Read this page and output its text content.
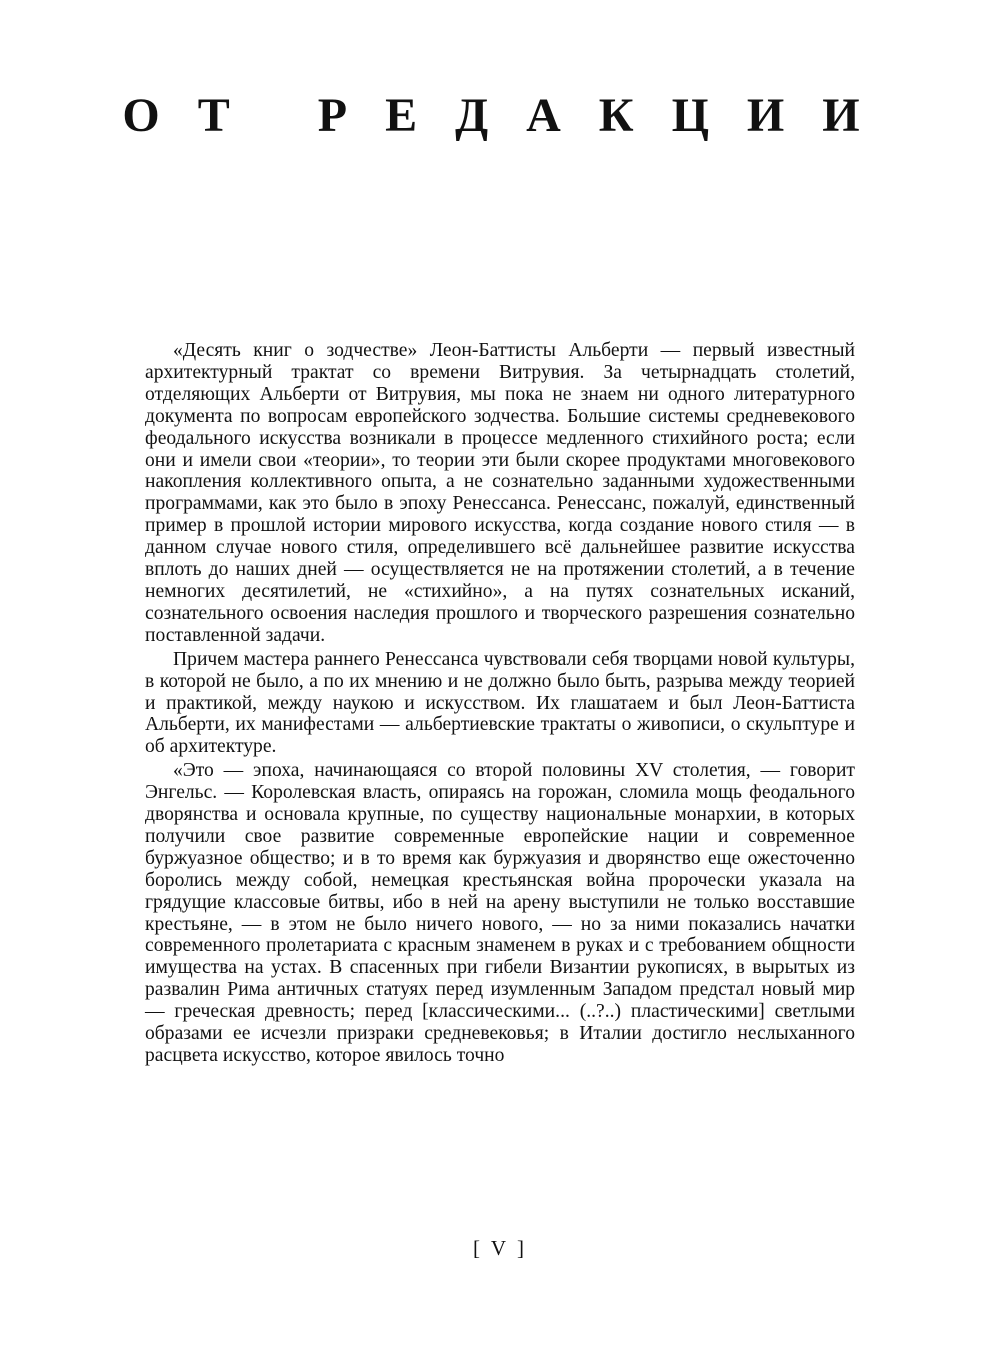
ОТ РЕДАКЦИИ

«Десять книг о зодчестве» Леон-Баттисты Альберти — первый известный архитектурный трактат со времени Витрувия. За четырнадцать столетий, отделяющих Альберти от Витрувия, мы пока не знаем ни одного литературного документа по вопросам европейского зодчества. Большие системы средневекового феодального искусства возникали в процессе медленного стихийного роста; если они и имели свои «теории», то теории эти были скорее продуктами многовекового накопления коллективного опыта, а не сознательно заданными художественными программами, как это было в эпоху Ренессанса. Ренессанс, пожалуй, единственный пример в прошлой истории мирового искусства, когда создание нового стиля — в данном случае нового стиля, определившего всё дальнейшее развитие искусства вплоть до наших дней — осуществляется не на протяжении столетий, а в течение немногих десятилетий, не «стихийно», а на путях сознательных исканий, сознательного освоения наследия прошлого и творческого разрешения сознательно поставленной задачи.

Причем мастера раннего Ренессанса чувствовали себя творцами новой культуры, в которой не было, а по их мнению и не должно было быть, разрыва между теорией и практикой, между наукою и искусством. Их глашатаем и был Леон-Баттиста Альберти, их манифестами — альбертиевские трактаты о живописи, о скульптуре и об архитектуре.

«Это — эпоха, начинающаяся со второй половины XV столетия, — говорит Энгельс. — Королевская власть, опираясь на горожан, сломила мощь феодального дворянства и основала крупные, по существу национальные монархии, в которых получили свое развитие современные европейские нации и современное буржуазное общество; и в то время как буржуазия и дворянство еще ожесточенно боролись между собой, немецкая крестьянская война пророчески указала на грядущие классовые битвы, ибо в ней на арену выступили не только восставшие крестьяне, — в этом не было ничего нового, — но за ними показались начатки современного пролетариата с красным знаменем в руках и с требованием общности имущества на устах. В спасенных при гибели Византии рукописях, в вырытых из развалин Рима античных статуях перед изумленным Западом предстал новый мир — греческая древность; перед [классическими... (..?..) пластическими] светлыми образами ее исчезли призраки средневековья; в Италии достигло неслыханного расцвета искусство, которое явилось точно

[ V ]
